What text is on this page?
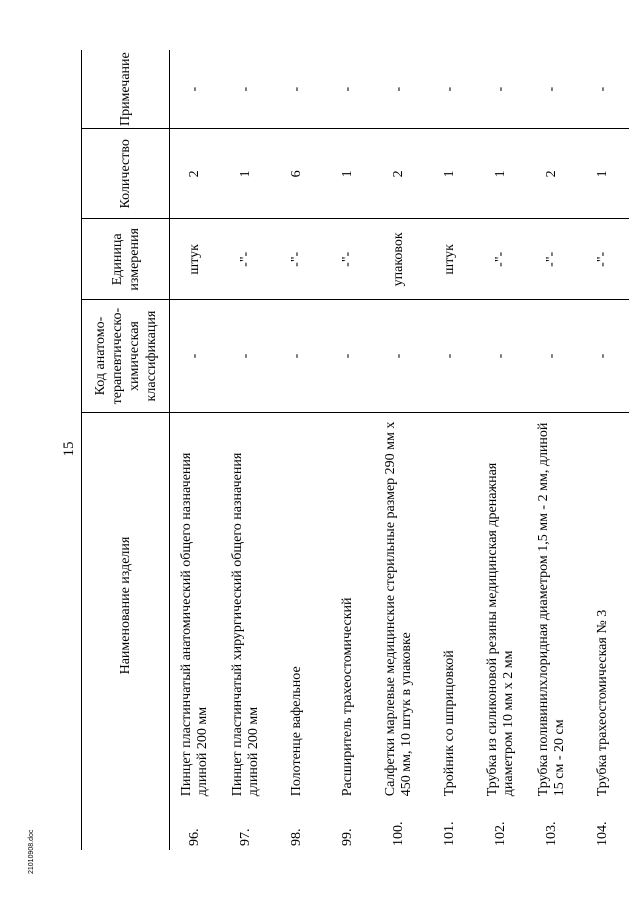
15
	Наименование изделия	Код анатомо-терапевтическо-химическая классификация	Единица измерения	Количество	Примечание
96.	Пинцет пластинчатый анатомический общего назначения длиной 200 мм	-	штук	2	-
97.	Пинцет пластинчатый хирургический общего назначения длиной 200 мм	-	-"-	1	-
98.	Полотенце вафельное	-	-"-	6	-
99.	Расширитель трахеостомический	-	-"-	1	-
100.	Салфетки марлевые медицинские стерильные размер 290 мм х 450 мм, 10 штук в упаковке	-	упаковок	2	-
101.	Тройник со шприцовкой	-	штук	1	-
102.	Трубка из силиконовой резины медицинская дренажная диаметром 10 мм х 2 мм	-	-"-	1	-
103.	Трубка поливинилхлоридная диаметром 1,5 мм - 2 мм, длиной 15 см - 20 см	-	-"-	2	-
104.	Трубка трахеостомическая № 3	-	-"-	1	-
21010908.doc
